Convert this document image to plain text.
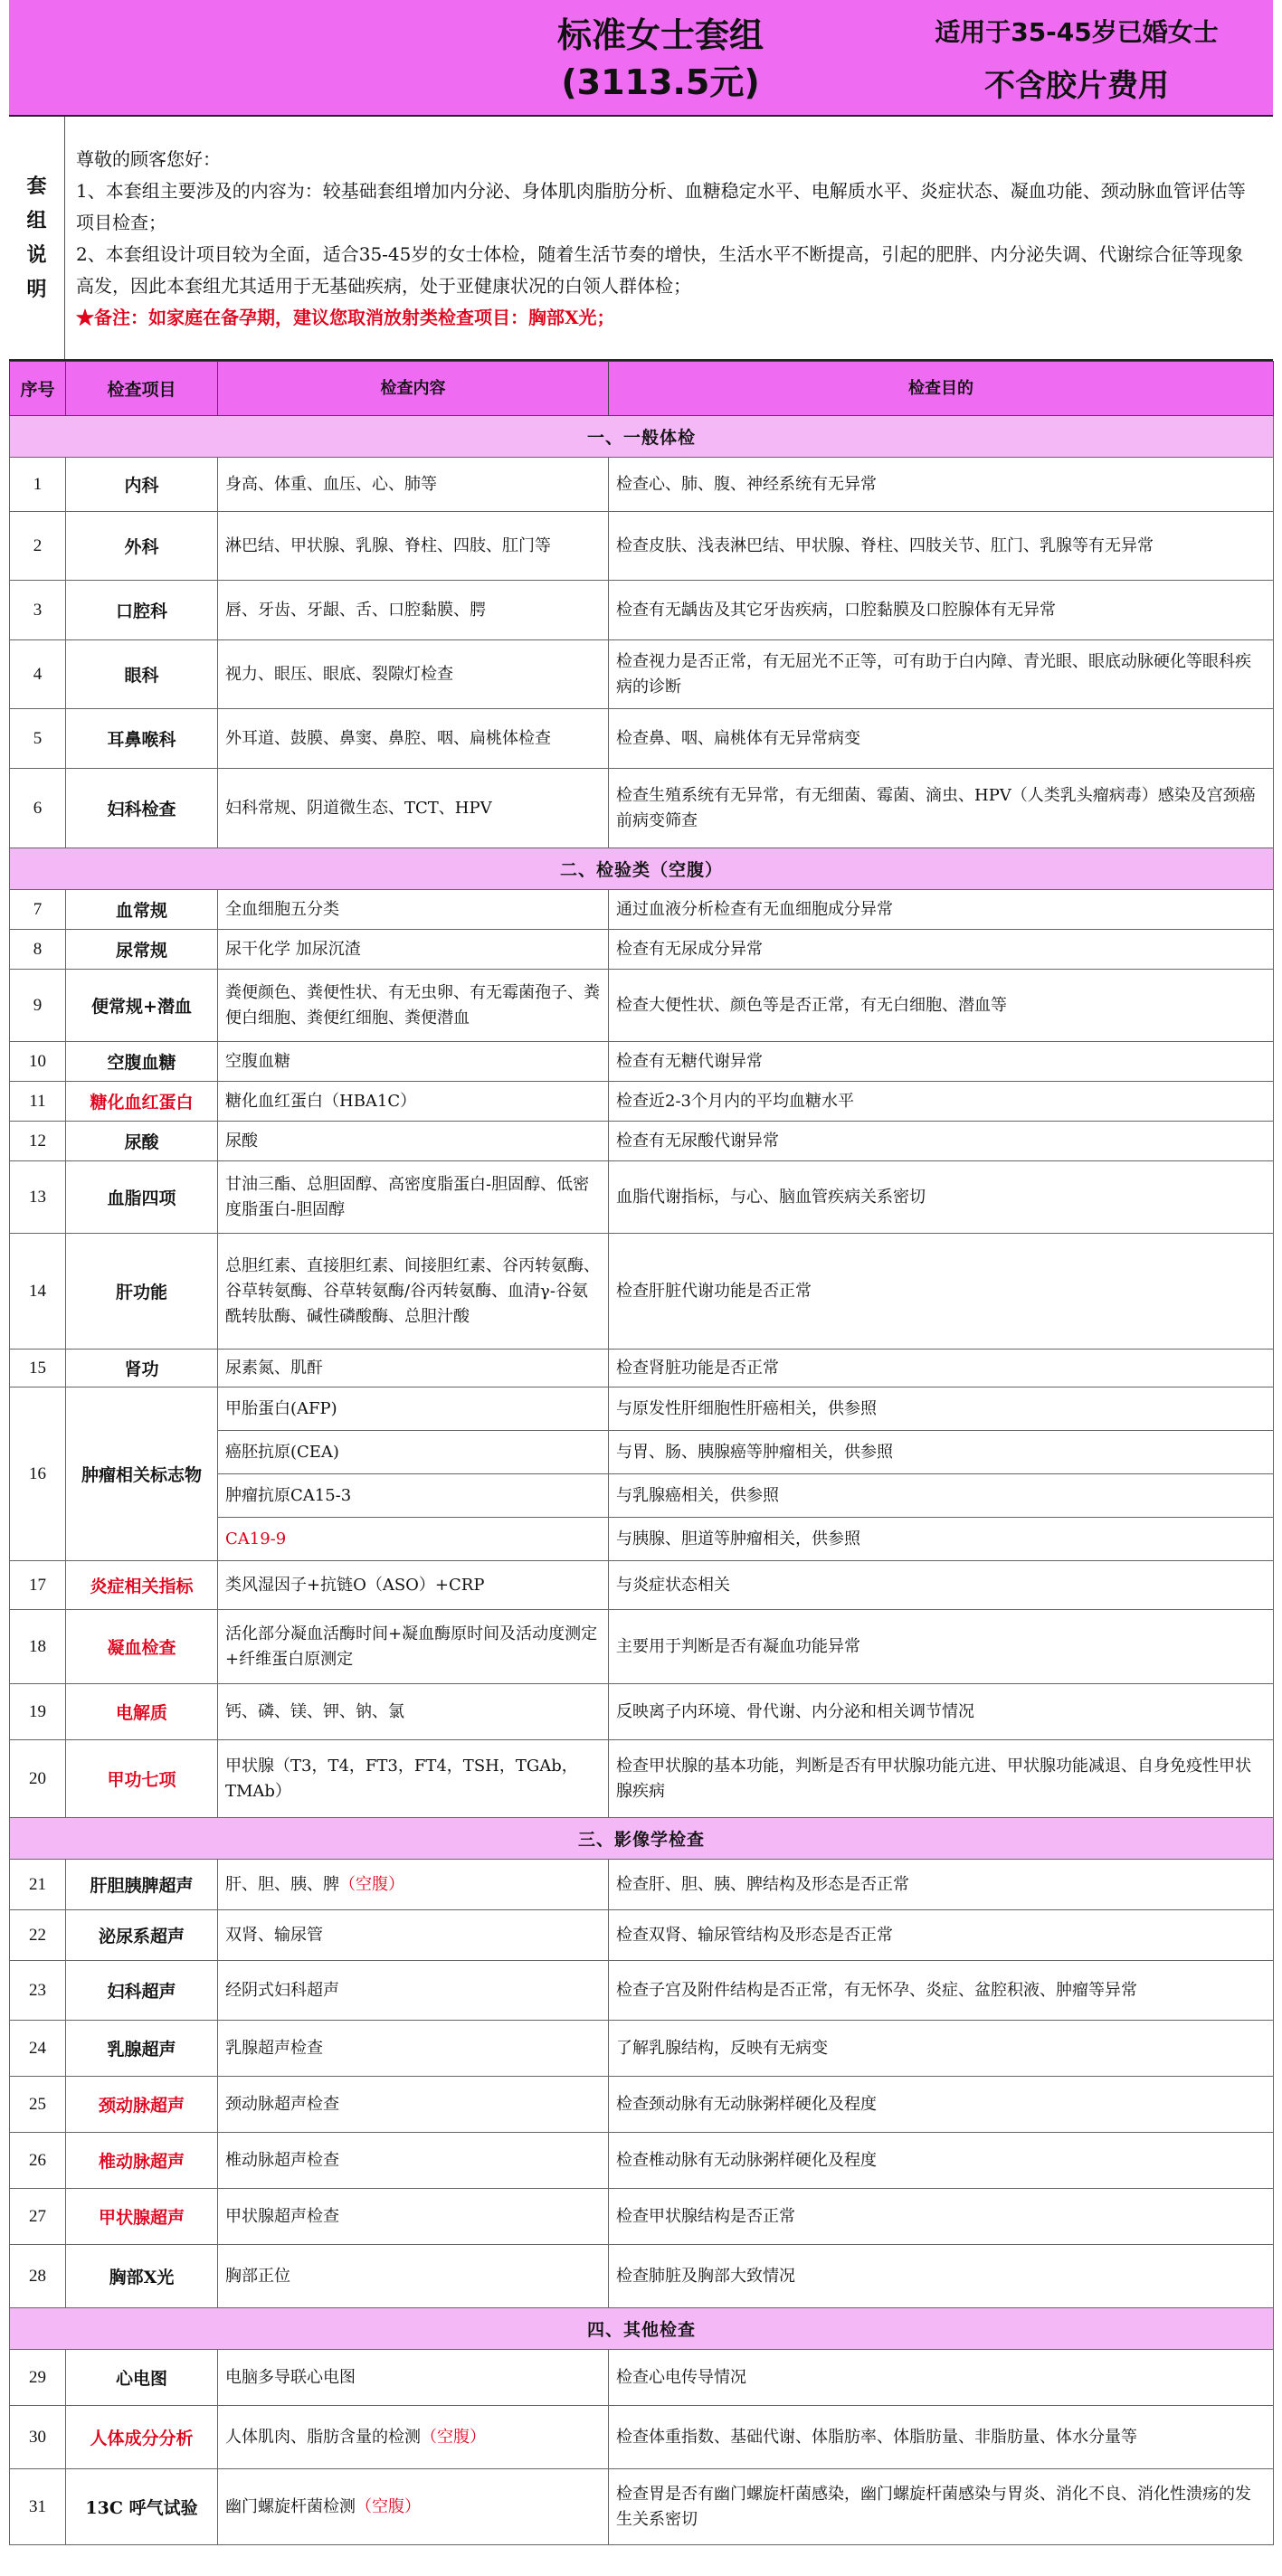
标准女士套组
(3113.5元)
适用于35-45岁已婚女士
不含胶片费用
套
组
说
明
尊敬的顾客您好：
1、本套组主要涉及的内容为：较基础套组增加内分泌、身体肌肉脂肪分析、血糖稳定水平、电解质水平、炎症状态、凝血功能、颈动脉血管评估等项目检查；
2、本套组设计项目较为全面，适合35-45岁的女士体检，随着生活节奏的增快，生活水平不断提高，引起的肥胖、内分泌失调、代谢综合征等现象高发，因此本套组尤其适用于无基础疾病，处于亚健康状况的白领人群体检；
★备注：如家庭在备孕期，建议您取消放射类检查项目：胸部X光；
序号	检查项目	检查内容	检查目的
一、一般体检			
1	内科	身高、体重、血压、心、肺等	检查心、肺、腹、神经系统有无异常
2	外科	淋巴结、甲状腺、乳腺、脊柱、四肢、肛门等	检查皮肤、浅表淋巴结、甲状腺、脊柱、四肢关节、肛门、乳腺等有无异常
3	口腔科	唇、牙齿、牙龈、舌、口腔黏膜、腭	检查有无龋齿及其它牙齿疾病，口腔黏膜及口腔腺体有无异常
4	眼科	视力、眼压、眼底、裂隙灯检查	检查视力是否正常，有无屈光不正等，可有助于白内障、青光眼、眼底动脉硬化等眼科疾病的诊断
5	耳鼻喉科	外耳道、鼓膜、鼻窦、鼻腔、咽、扁桃体检查	检查鼻、咽、扁桃体有无异常病变
6	妇科检查	妇科常规、阴道微生态、TCT、HPV	检查生殖系统有无异常，有无细菌、霉菌、滴虫、HPV（人类乳头瘤病毒）感染及宫颈癌前病变筛查
二、检验类（空腹）			
7	血常规	全血细胞五分类	通过血液分析检查有无血细胞成分异常
8	尿常规	尿干化学 加尿沉渣	检查有无尿成分异常
9	便常规+潜血	粪便颜色、粪便性状、有无虫卵、有无霉菌孢子、粪便白细胞、粪便红细胞、粪便潜血	检查大便性状、颜色等是否正常，有无白细胞、潜血等
10	空腹血糖	空腹血糖	检查有无糖代谢异常
11	糖化血红蛋白	糖化血红蛋白（HBA1C）	检查近2-3个月内的平均血糖水平
12	尿酸	尿酸	检查有无尿酸代谢异常
13	血脂四项	甘油三酯、总胆固醇、高密度脂蛋白-胆固醇、低密度脂蛋白-胆固醇	血脂代谢指标，与心、脑血管疾病关系密切
14	肝功能	总胆红素、直接胆红素、间接胆红素、谷丙转氨酶、谷草转氨酶、谷草转氨酶/谷丙转氨酶、血清γ-谷氨酰转肽酶、碱性磷酸酶、总胆汁酸	检查肝脏代谢功能是否正常
15	肾功	尿素氮、肌酐	检查肾脏功能是否正常
16	肿瘤相关标志物	甲胎蛋白(AFP)	与原发性肝细胞性肝癌相关，供参照
		癌胚抗原(CEA)	与胃、肠、胰腺癌等肿瘤相关，供参照
		肿瘤抗原CA15-3	与乳腺癌相关，供参照
		CA19-9	与胰腺、胆道等肿瘤相关，供参照
17	炎症相关指标	类风湿因子+抗链O（ASO）+CRP	与炎症状态相关
18	凝血检查	活化部分凝血活酶时间+凝血酶原时间及活动度测定+纤维蛋白原测定	主要用于判断是否有凝血功能异常
19	电解质	钙、磷、镁、钾、钠、氯	反映离子内环境、骨代谢、内分泌和相关调节情况
20	甲功七项	甲状腺（T3，T4，FT3，FT4，TSH，TGAb，TMAb）	检查甲状腺的基本功能，判断是否有甲状腺功能亢进、甲状腺功能减退、自身免疫性甲状腺疾病
三、影像学检查			
21	肝胆胰脾超声	肝、胆、胰、脾（空腹）	检查肝、胆、胰、脾结构及形态是否正常
22	泌尿系超声	双肾、输尿管	检查双肾、输尿管结构及形态是否正常
23	妇科超声	经阴式妇科超声	检查子宫及附件结构是否正常，有无怀孕、炎症、盆腔积液、肿瘤等异常
24	乳腺超声	乳腺超声检查	了解乳腺结构，反映有无病变
25	颈动脉超声	颈动脉超声检查	检查颈动脉有无动脉粥样硬化及程度
26	椎动脉超声	椎动脉超声检查	检查椎动脉有无动脉粥样硬化及程度
27	甲状腺超声	甲状腺超声检查	检查甲状腺结构是否正常
28	胸部X光	胸部正位	检查肺脏及胸部大致情况
四、其他检查			
29	心电图	电脑多导联心电图	检查心电传导情况
30	人体成分分析	人体肌肉、脂肪含量的检测（空腹）	检查体重指数、基础代谢、体脂肪率、体脂肪量、非脂肪量、体水分量等
31	13C 呼气试验	幽门螺旋杆菌检测（空腹）	检查胃是否有幽门螺旋杆菌感染，幽门螺旋杆菌感染与胃炎、消化不良、消化性溃疡的发生关系密切
